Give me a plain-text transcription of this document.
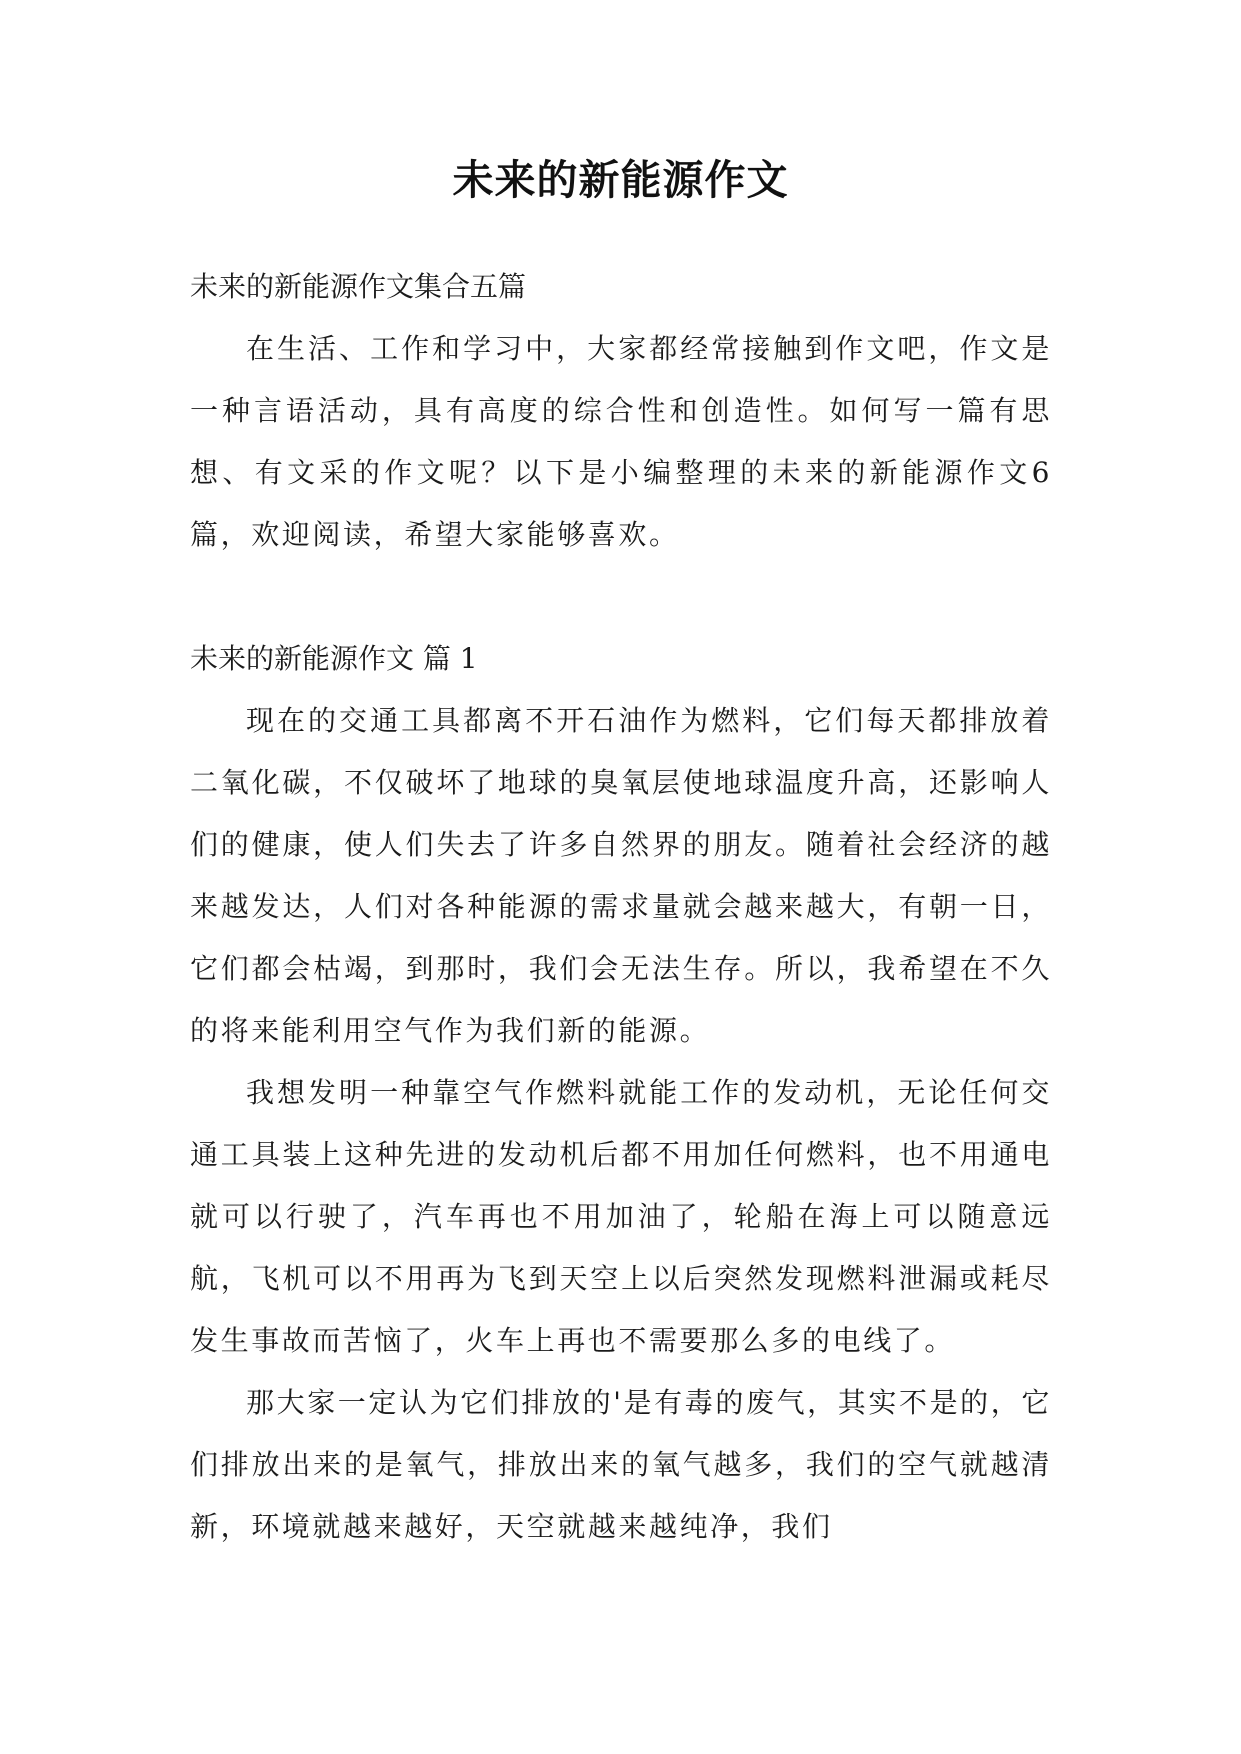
未来的新能源作文

未来的新能源作文集合五篇

在生活、工作和学习中，大家都经常接触到作文吧，作文是一种言语活动，具有高度的综合性和创造性。如何写一篇有思想、有文采的作文呢？以下是小编整理的未来的新能源作文6篇，欢迎阅读，希望大家能够喜欢。

未来的新能源作文 篇 1

现在的交通工具都离不开石油作为燃料，它们每天都排放着二氧化碳，不仅破坏了地球的臭氧层使地球温度升高，还影响人们的健康，使人们失去了许多自然界的朋友。随着社会经济的越来越发达，人们对各种能源的需求量就会越来越大，有朝一日，它们都会枯竭，到那时，我们会无法生存。所以，我希望在不久的将来能利用空气作为我们新的能源。

我想发明一种靠空气作燃料就能工作的发动机，无论任何交通工具装上这种先进的发动机后都不用加任何燃料，也不用通电就可以行驶了，汽车再也不用加油了，轮船在海上可以随意远航，飞机可以不用再为飞到天空上以后突然发现燃料泄漏或耗尽发生事故而苦恼了，火车上再也不需要那么多的电线了。

那大家一定认为它们排放的'是有毒的废气，其实不是的，它们排放出来的是氧气，排放出来的氧气越多，我们的空气就越清新，环境就越来越好，天空就越来越纯净，我们
